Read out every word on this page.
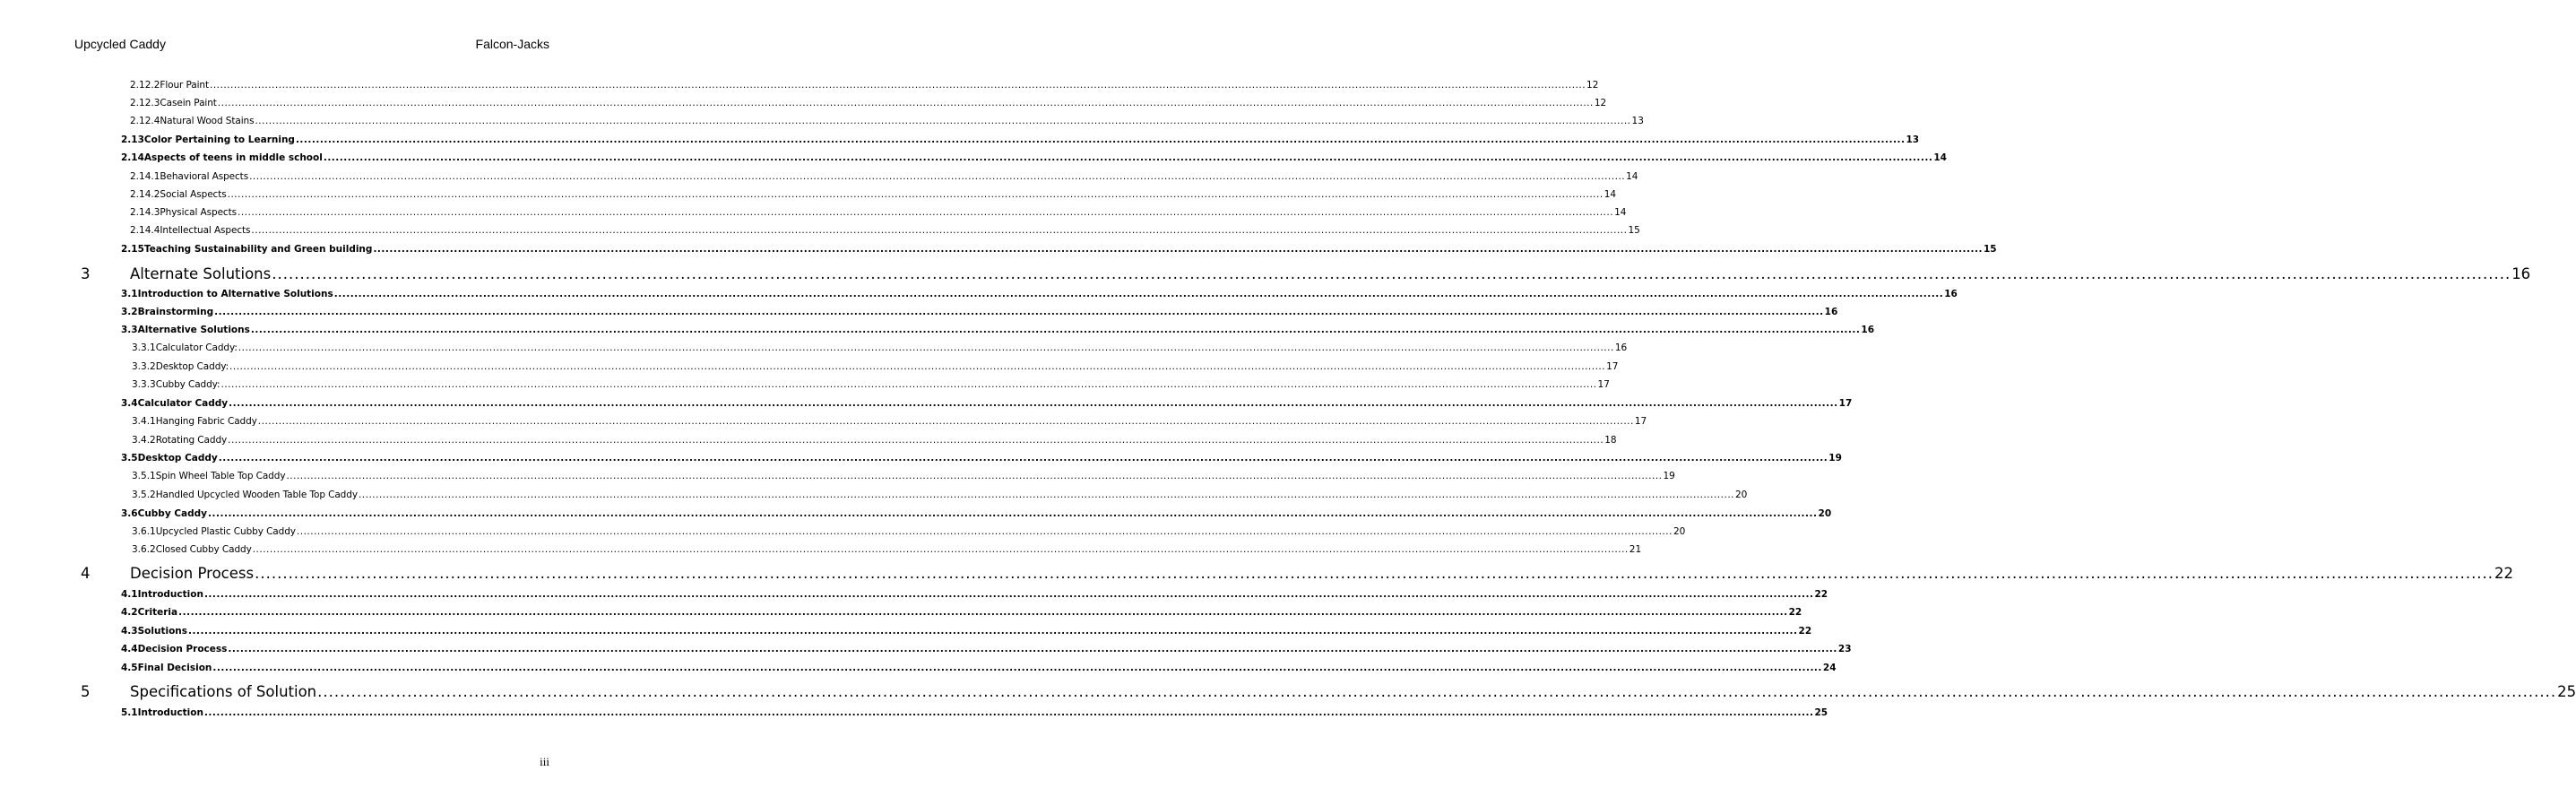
Upcycled Caddy	Falcon-Jacks
2.12.2 Flour Paint ................................................................................................................................................................................................................................................................................................................................................................................................................ 12
2.12.3 Casein Paint ................................................................................................................................................................................................................................................................................................................................................................................................................ 12
2.12.4 Natural Wood Stains ................................................................................................................................................................................................................................................................................................................................................................................................................ 13
2.13 Color Pertaining to Learning ................................................................................................................................................................................................................................................................................................................................................................................................................ 13
2.14 Aspects of teens in middle school ................................................................................................................................................................................................................................................................................................................................................................................................................ 14
2.14.1 Behavioral Aspects ................................................................................................................................................................................................................................................................................................................................................................................................................ 14
2.14.2 Social Aspects ................................................................................................................................................................................................................................................................................................................................................................................................................ 14
2.14.3 Physical Aspects ................................................................................................................................................................................................................................................................................................................................................................................................................ 14
2.14.4 Intellectual Aspects ................................................................................................................................................................................................................................................................................................................................................................................................................ 15
2.15 Teaching Sustainability and Green building ................................................................................................................................................................................................................................................................................................................................................................................................................ 15
3	Alternate Solutions ................................................................................................................................................................................................................................................................................................................................................................................................................ 16
3.1 Introduction to Alternative Solutions ................................................................................................................................................................................................................................................................................................................................................................................................................ 16
3.2 Brainstorming ................................................................................................................................................................................................................................................................................................................................................................................................................ 16
3.3 Alternative Solutions ................................................................................................................................................................................................................................................................................................................................................................................................................ 16
3.3.1 Calculator Caddy: ................................................................................................................................................................................................................................................................................................................................................................................................................ 16
3.3.2 Desktop Caddy: ................................................................................................................................................................................................................................................................................................................................................................................................................ 17
3.3.3 Cubby Caddy: ................................................................................................................................................................................................................................................................................................................................................................................................................ 17
3.4 Calculator Caddy ................................................................................................................................................................................................................................................................................................................................................................................................................ 17
3.4.1 Hanging Fabric Caddy ................................................................................................................................................................................................................................................................................................................................................................................................................ 17
3.4.2 Rotating Caddy ................................................................................................................................................................................................................................................................................................................................................................................................................ 18
3.5 Desktop Caddy ................................................................................................................................................................................................................................................................................................................................................................................................................ 19
3.5.1 Spin Wheel Table Top Caddy ................................................................................................................................................................................................................................................................................................................................................................................................................ 19
3.5.2 Handled Upcycled Wooden Table Top Caddy ................................................................................................................................................................................................................................................................................................................................................................................................................ 20
3.6 Cubby Caddy ................................................................................................................................................................................................................................................................................................................................................................................................................ 20
3.6.1 Upcycled Plastic Cubby Caddy ................................................................................................................................................................................................................................................................................................................................................................................................................ 20
3.6.2 Closed Cubby Caddy ................................................................................................................................................................................................................................................................................................................................................................................................................ 21
4	Decision Process ................................................................................................................................................................................................................................................................................................................................................................................................................ 22
4.1 Introduction ................................................................................................................................................................................................................................................................................................................................................................................................................ 22
4.2 Criteria ................................................................................................................................................................................................................................................................................................................................................................................................................ 22
4.3 Solutions ................................................................................................................................................................................................................................................................................................................................................................................................................ 22
4.4 Decision Process ................................................................................................................................................................................................................................................................................................................................................................................................................ 23
4.5 Final Decision ................................................................................................................................................................................................................................................................................................................................................................................................................ 24
5	Specifications of Solution ................................................................................................................................................................................................................................................................................................................................................................................................................ 25
5.1 Introduction ................................................................................................................................................................................................................................................................................................................................................................................................................ 25
iii
